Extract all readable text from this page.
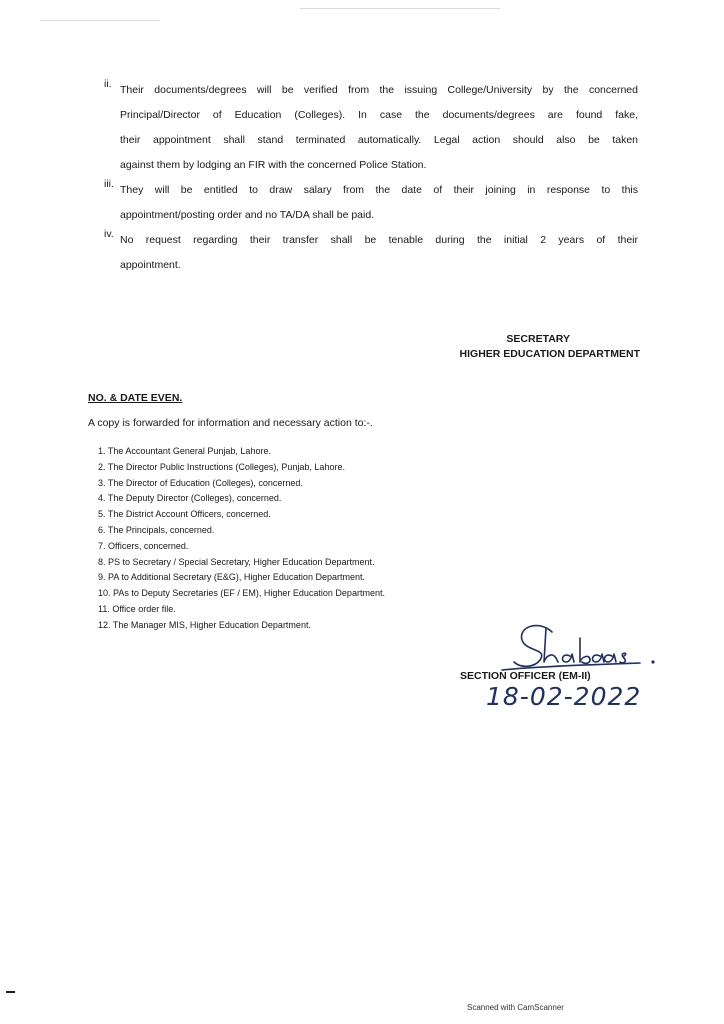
ii. Their documents/degrees will be verified from the issuing College/University by the concerned
Principal/Director of Education (Colleges). In case the documents/degrees are found fake,
their appointment shall stand terminated automatically. Legal action should also be taken
against them by lodging an FIR with the concerned Police Station.
iii. They will be entitled to draw salary from the date of their joining in response to this
appointment/posting order and no TA/DA shall be paid.
iv. No request regarding their transfer shall be tenable during the initial 2 years of their
appointment.
SECRETARY
HIGHER EDUCATION DEPARTMENT
NO. & DATE EVEN.
A copy is forwarded for information and necessary action to:-.
1. The Accountant General Punjab, Lahore.
2. The Director Public Instructions (Colleges), Punjab, Lahore.
3. The Director of Education (Colleges), concerned.
4. The Deputy Director (Colleges), concerned.
5. The District Account Officers, concerned.
6. The Principals, concerned.
7. Officers, concerned.
8. PS to Secretary / Special Secretary, Higher Education Department.
9. PA to Additional Secretary (E&G), Higher Education Department.
10. PAs to Deputy Secretaries (EF / EM), Higher Education Department.
11. Office order file.
12. The Manager MIS, Higher Education Department.
SECTION OFFICER (EM-II)
18-02-2022
Scanned with CamScanner
